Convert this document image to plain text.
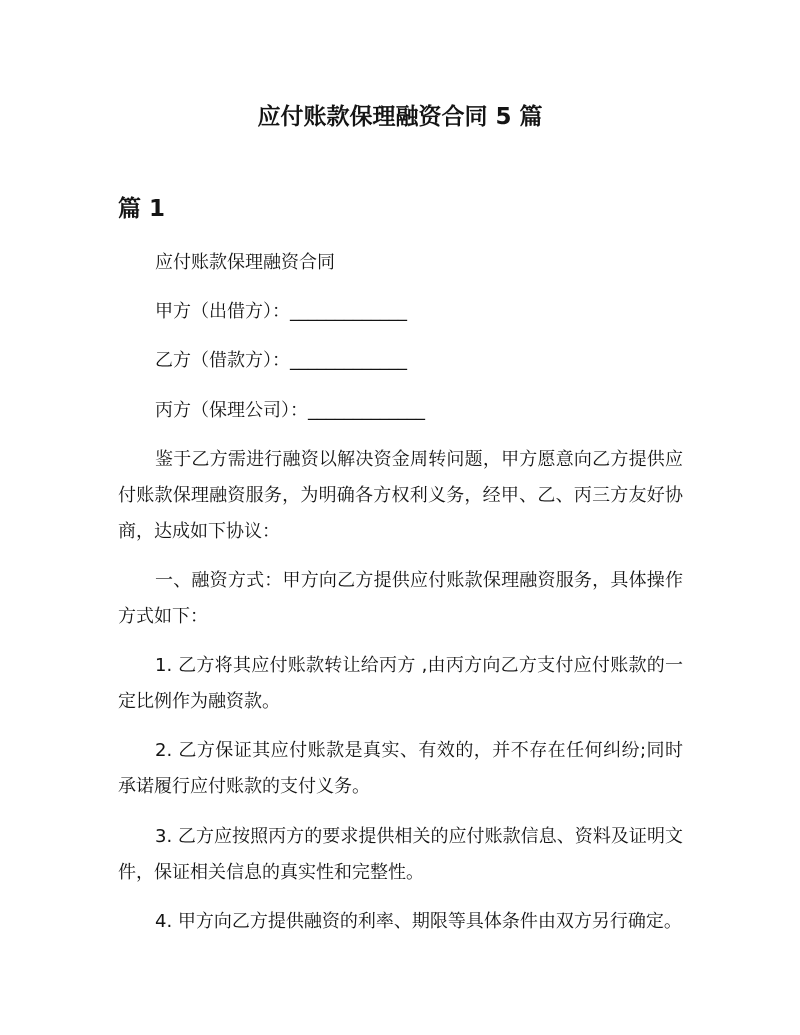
应付账款保理融资合同 5 篇
篇 1
应付账款保理融资合同
甲方（出借方）：_____________
乙方（借款方）：_____________
丙方（保理公司）：_____________
鉴于乙方需进行融资以解决资金周转问题，甲方愿意向乙方提供应
付账款保理融资服务，为明确各方权利义务，经甲、乙、丙三方友好协
商，达成如下协议：
一、融资方式：甲方向乙方提供应付账款保理融资服务，具体操作
方式如下：
1. 乙方将其应付账款转让给丙方 ,由丙方向乙方支付应付账款的一
定比例作为融资款。
2. 乙方保证其应付账款是真实、有效的，并不存在任何纠纷;同时
承诺履行应付账款的支付义务。
3. 乙方应按照丙方的要求提供相关的应付账款信息、资料及证明文
件，保证相关信息的真实性和完整性。
4. 甲方向乙方提供融资的利率、期限等具体条件由双方另行确定。
